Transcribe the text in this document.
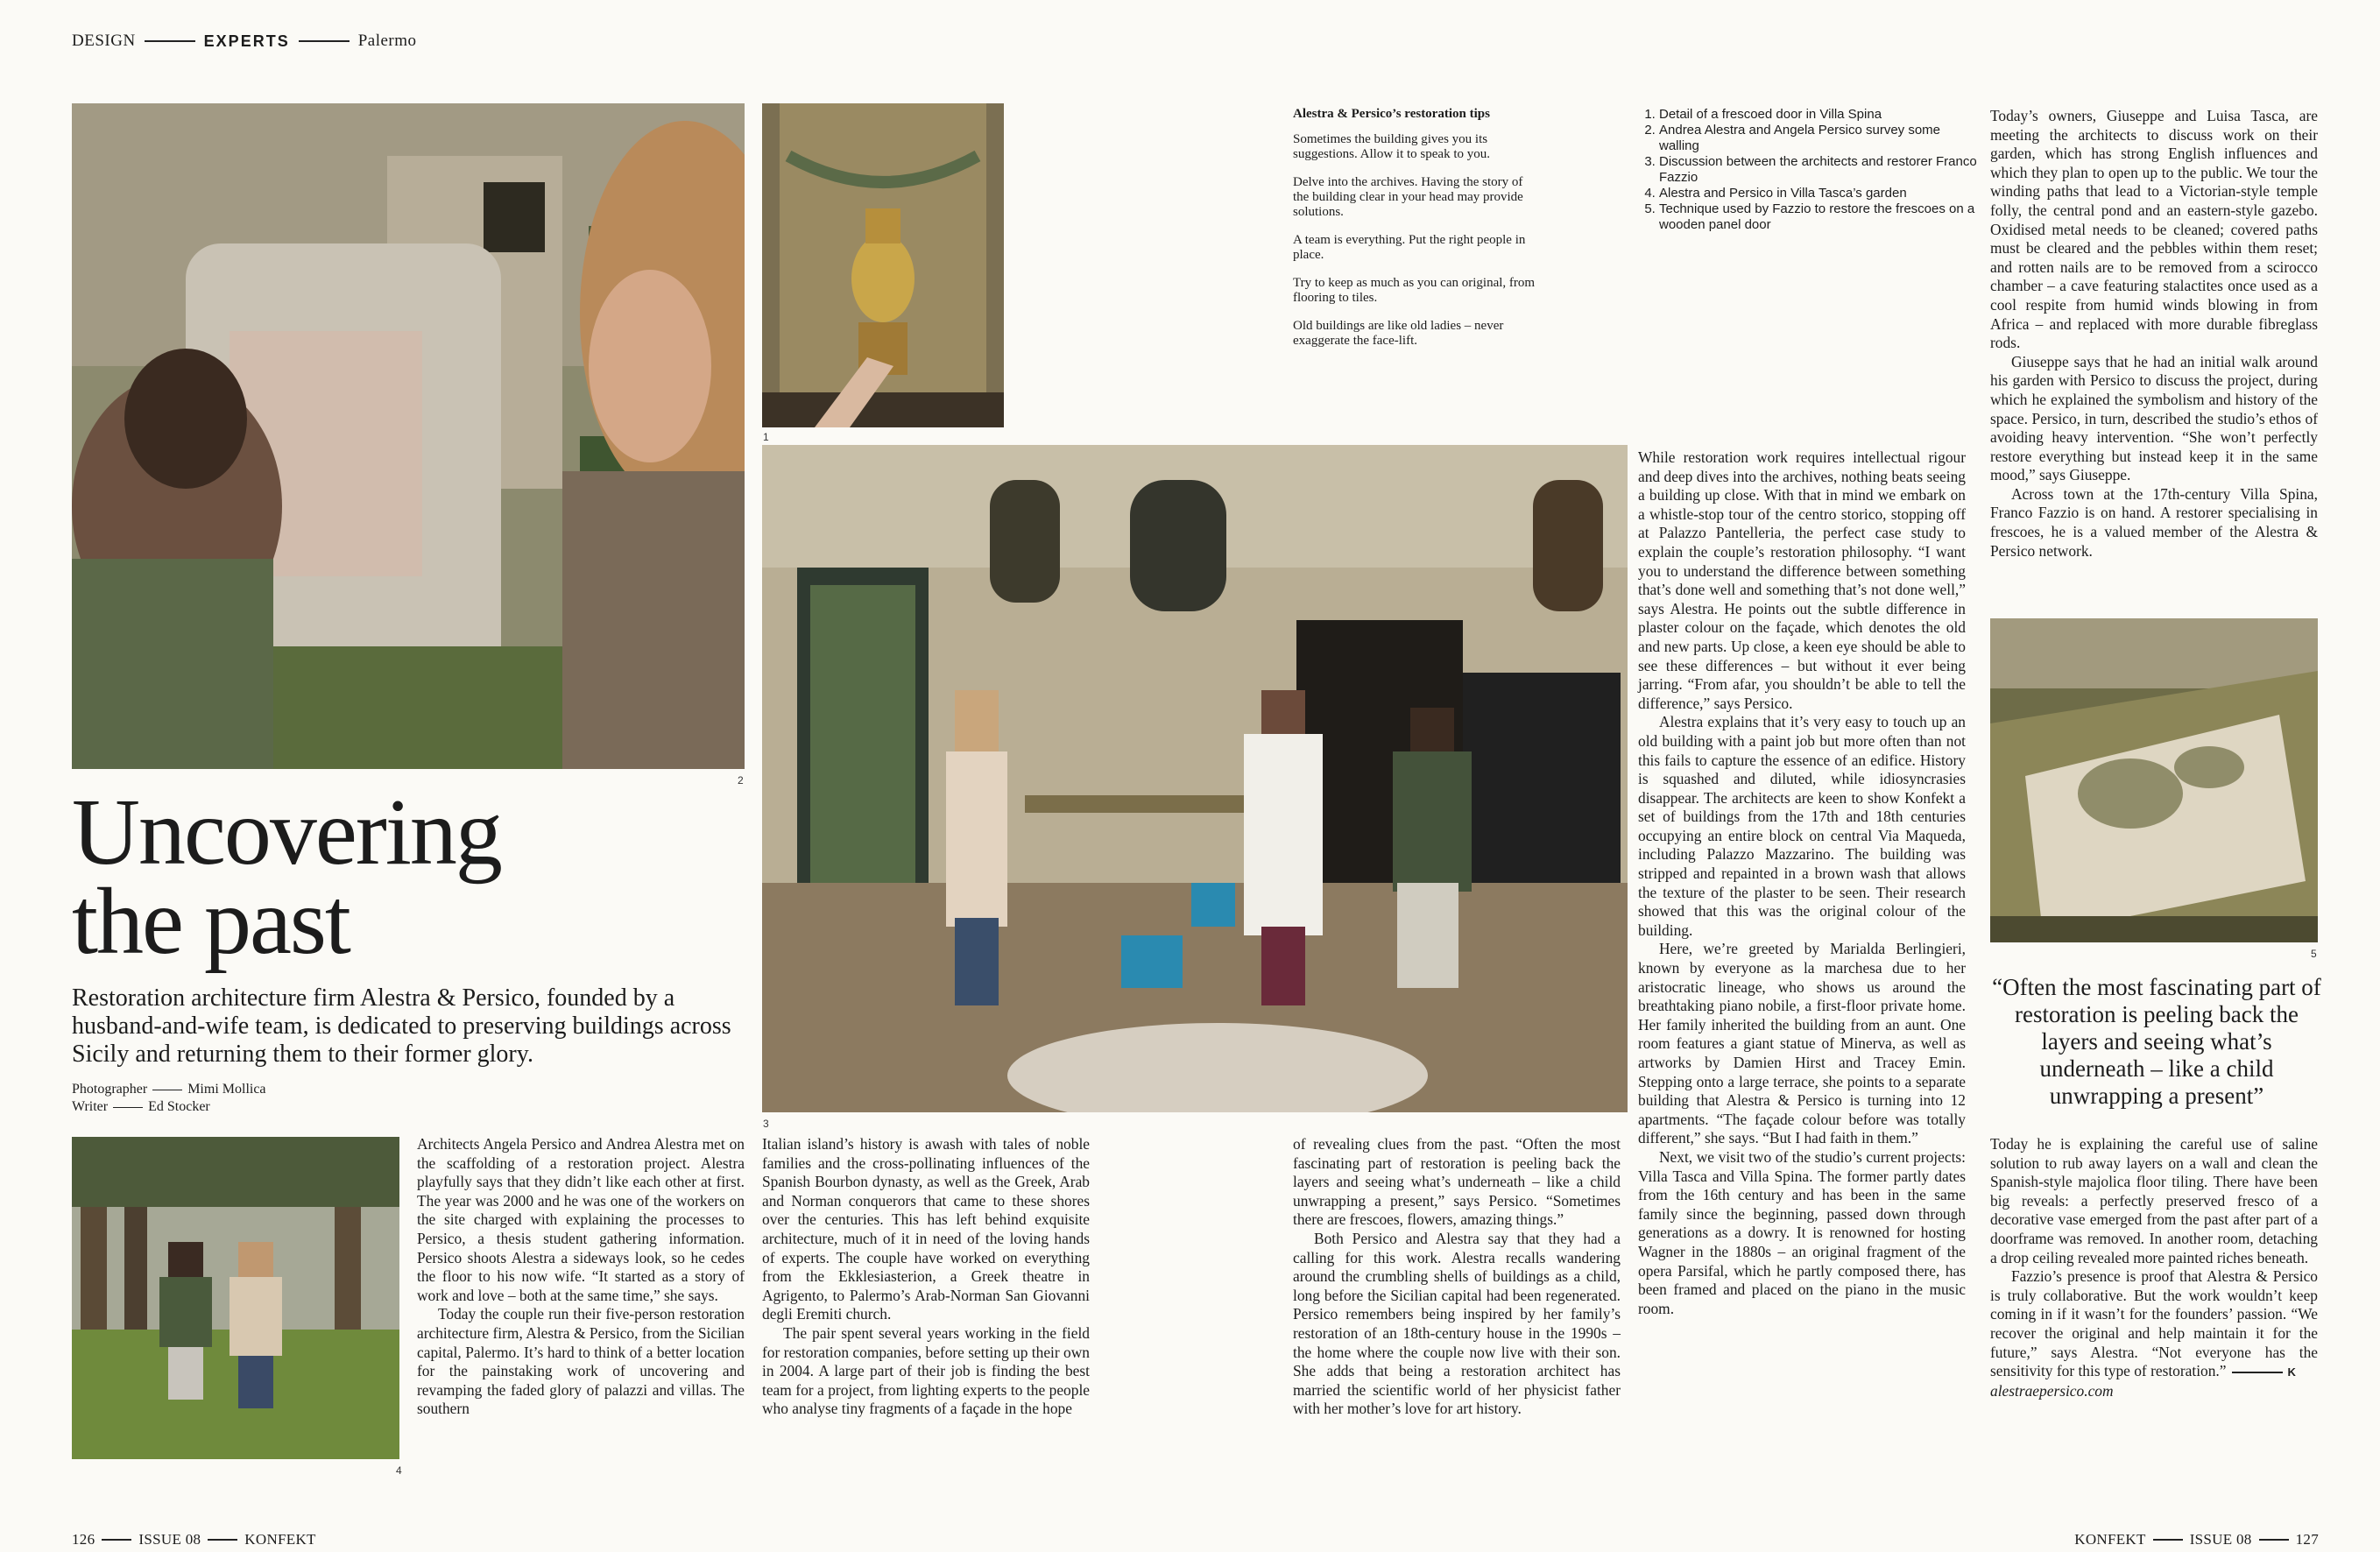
DESIGN	EXPERTS	Palermo
2
1
3
4
5
Uncovering
the past

Restoration architecture firm Alestra & Persico, founded by a husband-and-wife team, is dedicated to preserving buildings across Sicily and returning them to their former glory.

Photographer	Mimi Mollica
Writer	Ed Stocker

Architects Angela Persico and Andrea Alestra met on the scaffolding of a restoration project. Alestra playfully says that they didn’t like each other at first. The year was 2000 and he was one of the workers on the site charged with explaining the processes to Persico, a thesis student gathering information. Persico shoots Alestra a sideways look, so he cedes the floor to his now wife. “It started as a story of work and love – both at the same time,” she says.

Today the couple run their five-person restoration architecture firm, Alestra & Persico, from the Sicilian capital, Palermo. It’s hard to think of a better location for the painstaking work of uncovering and revamping the faded glory of palazzi and villas. The southern

Italian island’s history is awash with tales of noble families and the cross-pollinating influences of the Spanish Bourbon dynasty, as well as the Greek, Arab and Norman conquerors that came to these shores over the centuries. This has left behind exquisite architecture, much of it in need of the loving hands of experts. The couple have worked on everything from the Ekklesiasterion, a Greek theatre in Agrigento, to Palermo’s Arab-Norman San Giovanni degli Eremiti church.

The pair spent several years working in the field for restoration companies, before setting up their own in 2004. A large part of their job is finding the best team for a project, from lighting experts to the people who analyse tiny fragments of a façade in the hope

of revealing clues from the past. “Often the most fascinating part of restoration is peeling back the layers and seeing what’s underneath – like a child unwrapping a present,” says Persico. “Sometimes there are frescoes, flowers, amazing things.”

Both Persico and Alestra say that they had a calling for this work. Alestra recalls wandering around the crumbling shells of buildings as a child, long before the Sicilian capital had been regenerated. Persico remembers being inspired by her family’s restoration of an 18th-century house in the 1990s – the home where the couple now live with their son. She adds that being a restoration architect has married the scientific world of her physicist father with her mother’s love for art history.

While restoration work requires intellectual rigour and deep dives into the archives, nothing beats seeing a building up close. With that in mind we embark on a whistle-stop tour of the centro storico, stopping off at Palazzo Pantelleria, the perfect case study to explain the couple’s restoration philosophy. “I want you to understand the difference between something that’s done well and something that’s not done well,” says Alestra. He points out the subtle difference in plaster colour on the façade, which denotes the old and new parts. Up close, a keen eye should be able to see these differences – but without it ever being jarring. “From afar, you shouldn’t be able to tell the difference,” says Persico.

Alestra explains that it’s very easy to touch up an old building with a paint job but more often than not this fails to capture the essence of an edifice. History is squashed and diluted, while idiosyncrasies disappear. The architects are keen to show Konfekt a set of buildings from the 17th and 18th centuries occupying an entire block on central Via Maqueda, including Palazzo Mazzarino. The building was stripped and repainted in a brown wash that allows the texture of the plaster to be seen. Their research showed that this was the original colour of the building.

Here, we’re greeted by Marialda Berlingieri, known by everyone as la marchesa due to her aristocratic lineage, who shows us around the breathtaking piano nobile, a first-floor private home. Her family inherited the building from an aunt. One room features a giant statue of Minerva, as well as artworks by Damien Hirst and Tracey Emin. Stepping onto a large terrace, she points to a separate building that Alestra & Persico is turning into 12 apartments. “The façade colour before was totally different,” she says. “But I had faith in them.”

Next, we visit two of the studio’s current projects: Villa Tasca and Villa Spina. The former partly dates from the 16th century and has been in the same family since the beginning, passed down through generations as a dowry. It is renowned for hosting Wagner in the 1880s – an original fragment of the opera Parsifal, which he partly composed there, has been framed and placed on the piano in the music room.

Today’s owners, Giuseppe and Luisa Tasca, are meeting the architects to discuss work on their garden, which has strong English influences and which they plan to open up to the public. We tour the winding paths that lead to a Victorian-style temple folly, the central pond and an eastern-style gazebo. Oxidised metal needs to be cleaned; covered paths must be cleared and the pebbles within them reset; and rotten nails are to be removed from a scirocco chamber – a cave featuring stalactites once used as a cool respite from humid winds blowing in from Africa – and replaced with more durable fibreglass rods.

Giuseppe says that he had an initial walk around his garden with Persico to discuss the project, during which he explained the symbolism and history of the space. Persico, in turn, described the studio’s ethos of avoiding heavy intervention. “She won’t perfectly restore everything but instead keep it in the same mood,” says Giuseppe.

Across town at the 17th-century Villa Spina, Franco Fazzio is on hand. A restorer specialising in frescoes, he is a valued member of the Alestra & Persico network.

“Often the most fascinating part of restoration is peeling back the layers and seeing what’s underneath – like a child unwrapping a present”

Today he is explaining the careful use of saline solution to rub away layers on a wall and clean the Spanish-style majolica floor tiling. There have been big reveals: a perfectly preserved fresco of a decorative vase emerged from the past after part of a doorframe was removed. In another room, detaching a drop ceiling revealed more painted riches beneath.

Fazzio’s presence is proof that Alestra & Persico is truly collaborative. But the work wouldn’t keep coming in if it wasn’t for the founders’ passion. “We recover the original and help maintain it for the future,” says Alestra. “Not everyone has the sensitivity for this type of restoration.”	K

alestraepersico.com

Alestra & Persico’s restoration tips

Sometimes the building gives you its suggestions. Allow it to speak to you.

Delve into the archives. Having the story of the building clear in your head may provide solutions.

A team is everything. Put the right people in place.

Try to keep as much as you can original, from flooring to tiles.

Old buildings are like old ladies – never exaggerate the face-lift.

1. Detail of a frescoed door in Villa Spina
2. Andrea Alestra and Angela Persico survey some walling
3. Discussion between the architects and restorer Franco Fazzio
4. Alestra and Persico in Villa Tasca’s garden
5. Technique used by Fazzio to restore the frescoes on a wooden panel door
126	ISSUE 08	KONFEKT	KONFEKT	ISSUE 08	127
